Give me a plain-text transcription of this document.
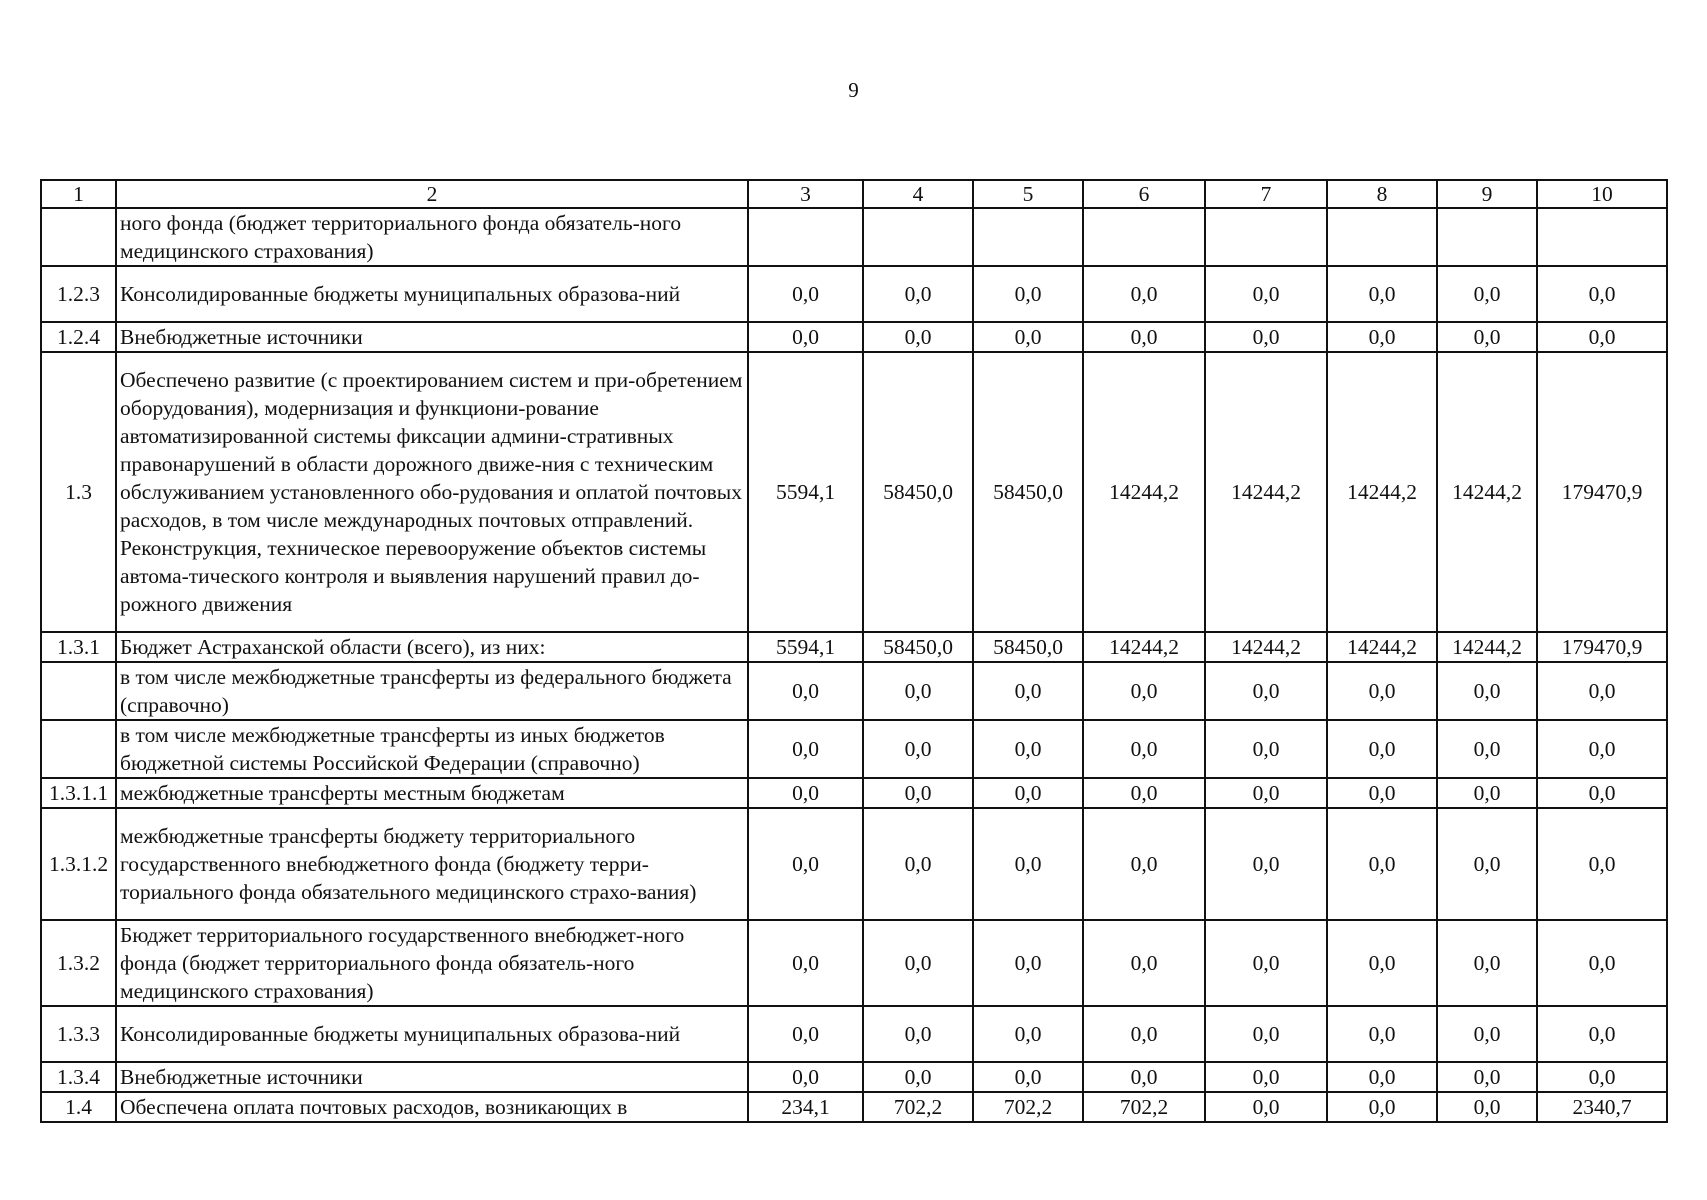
9
1	2	3	4	5	6	7	8	9	10
	ного фонда (бюджет территориального фонда обязатель-ного медицинского страхования)								
1.2.3	Консолидированные бюджеты муниципальных образова-ний	0,0	0,0	0,0	0,0	0,0	0,0	0,0	0,0
1.2.4	Внебюджетные источники	0,0	0,0	0,0	0,0	0,0	0,0	0,0	0,0
1.3	Обеспечено развитие (с проектированием систем и при-обретением оборудования), модернизация и функциони-рование автоматизированной системы фиксации админи-стративных правонарушений в области дорожного движе-ния с техническим обслуживанием установленного обо-рудования и оплатой почтовых расходов, в том числе международных почтовых отправлений. Реконструкция, техническое перевооружение объектов системы автома-тического контроля и выявления нарушений правил до-рожного движения	5594,1	58450,0	58450,0	14244,2	14244,2	14244,2	14244,2	179470,9
1.3.1	Бюджет Астраханской области (всего), из них:	5594,1	58450,0	58450,0	14244,2	14244,2	14244,2	14244,2	179470,9
	в том числе межбюджетные трансферты из федерального бюджета (справочно)	0,0	0,0	0,0	0,0	0,0	0,0	0,0	0,0
	в том числе межбюджетные трансферты из иных бюджетов бюджетной системы Российской Федерации (справочно)	0,0	0,0	0,0	0,0	0,0	0,0	0,0	0,0
1.3.1.1	межбюджетные трансферты местным бюджетам	0,0	0,0	0,0	0,0	0,0	0,0	0,0	0,0
1.3.1.2	межбюджетные трансферты бюджету территориального государственного внебюджетного фонда (бюджету терри-ториального фонда обязательного медицинского страхо-вания)	0,0	0,0	0,0	0,0	0,0	0,0	0,0	0,0
1.3.2	Бюджет территориального государственного внебюджет-ного фонда (бюджет территориального фонда обязатель-ного медицинского страхования)	0,0	0,0	0,0	0,0	0,0	0,0	0,0	0,0
1.3.3	Консолидированные бюджеты муниципальных образова-ний	0,0	0,0	0,0	0,0	0,0	0,0	0,0	0,0
1.3.4	Внебюджетные источники	0,0	0,0	0,0	0,0	0,0	0,0	0,0	0,0
1.4	Обеспечена оплата почтовых расходов, возникающих в	234,1	702,2	702,2	702,2	0,0	0,0	0,0	2340,7
